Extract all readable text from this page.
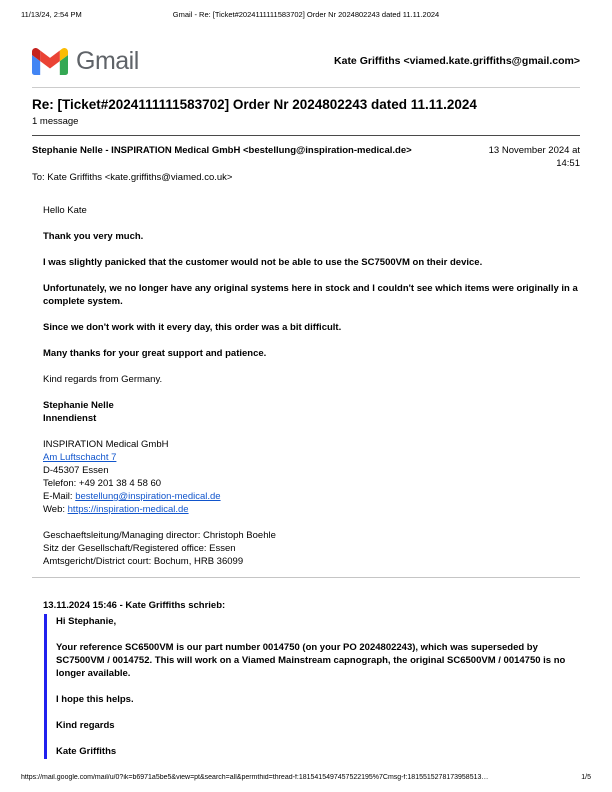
Gmail - Re: [Ticket#2024111111583702] Order Nr 2024802243 dated 11.11.2024
11/13/24, 2:54 PM
Gmail	Kate Griffiths <viamed.kate.griffiths@gmail.com>
Re: [Ticket#2024111111583702] Order Nr 2024802243 dated 11.11.2024
1 message
Stephanie Nelle - INSPIRATION Medical GmbH <bestellung@inspiration-medical.de>	13 November 2024 at 14:51
To: Kate Griffiths <kate.griffiths@viamed.co.uk>

Hello Kate

Thank you very much.

I was slightly panicked that the customer would not be able to use the SC7500VM on their device.

Unfortunately, we no longer have any original systems here in stock and I couldn't see which items were originally in a complete system.

Since we don't work with it every day, this order was a bit difficult.

Many thanks for your great support and patience.

Kind regards from Germany.

Stephanie Nelle
Innendienst
INSPIRATION Medical GmbH
Am Luftschacht 7
D-45307 Essen
Telefon: +49 201 38 4 58 60
E-Mail: bestellung@inspiration-medical.de
Web: https://inspiration-medical.de
Geschaeftsleitung/Managing director: Christoph Boehle
Sitz der Gesellschaft/Registered office: Essen
Amtsgericht/District court: Bochum, HRB 36099
13.11.2024 15:46 - Kate Griffiths schrieb:

Hi Stephanie,

Your reference SC6500VM is our part number 0014750 (on your PO 2024802243), which was superseded by SC7500VM / 0014752. This will work on a Viamed Mainstream capnograph, the original SC6500VM / 0014750 is no longer available.

I hope this helps.

Kind regards

Kate Griffiths

https://mail.google.com/mail/u/0?ik=b6971a5be5&view=pt&search=all&permthid=thread-f:1815415497457522195%7Cmsg-f:1815515278173958513…	1/5
